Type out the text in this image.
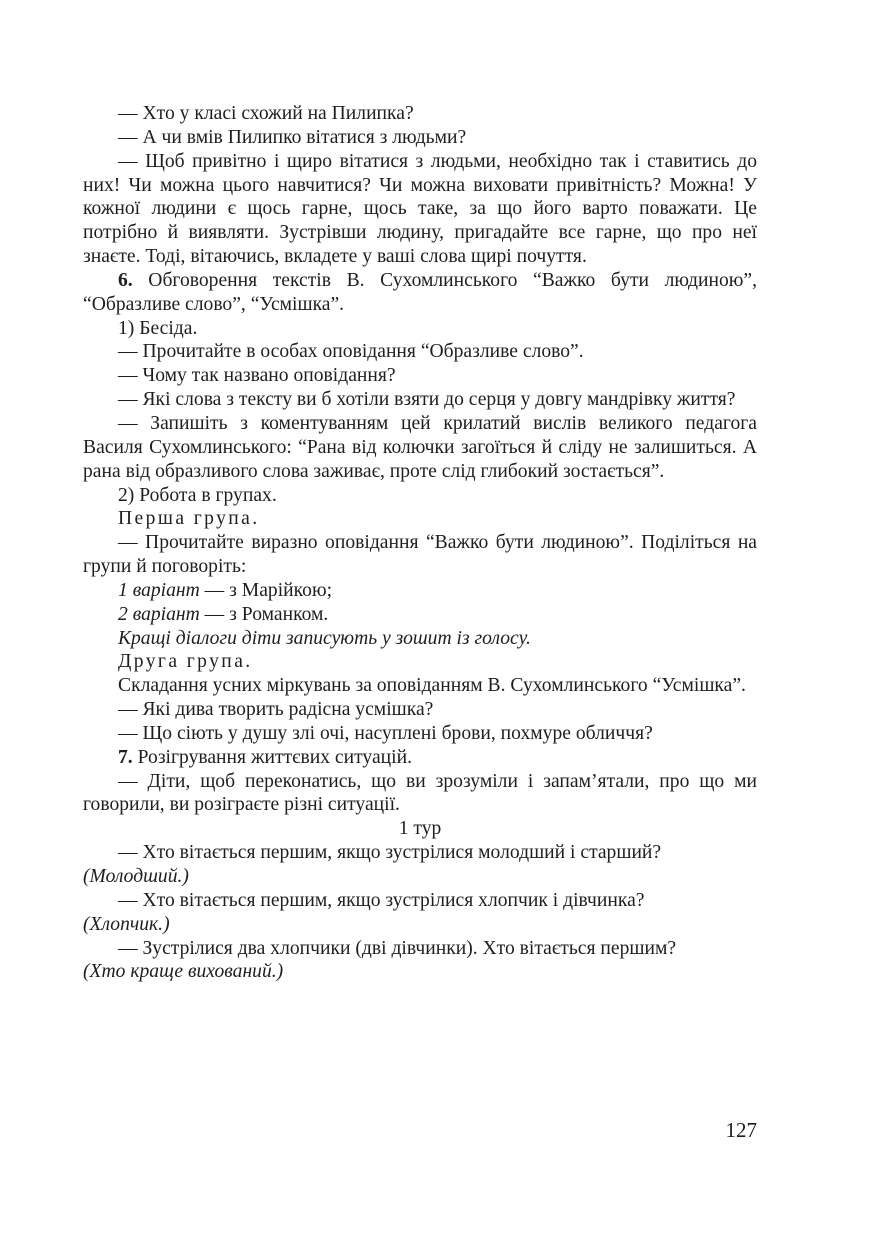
— Хто у класі схожий на Пилипка?

— А чи вмів Пилипко вітатися з людьми?

— Щоб привітно і щиро вітатися з людьми, необхідно так і ставитись до них! Чи можна цього навчитися? Чи можна виховати привітність? Можна! У кожної людини є щось гарне, щось таке, за що його варто поважати. Це потрібно й виявляти. Зустрівши людину, пригадайте все гарне, що про неї знаєте. Тоді, вітаючись, вкладете у ваші слова щирі почуття.

6. Обговорення текстів В. Сухомлинського “Важко бути людиною”, “Образливе слово”, “Усмішка”.

1) Бесіда.

— Прочитайте в особах оповідання “Образливе слово”.

— Чому так названо оповідання?

— Які слова з тексту ви б хотіли взяти до серця у довгу мандрівку життя?

— Запишіть з коментуванням цей крилатий вислів великого педагога Василя Сухомлинського: “Рана від колючки загоїться й сліду не залишиться. А рана від образливого слова заживає, проте слід глибокий зостається”.

2) Робота в групах.

Перша група.

— Прочитайте виразно оповідання “Важко бути людиною”. Поділіться на групи й поговоріть:

1 варіант — з Марійкою;

2 варіант — з Романком.

Кращі діалоги діти записують у зошит із голосу.

Друга група.

Складання усних міркувань за оповіданням В. Сухомлинського “Усмішка”.

— Які дива творить радісна усмішка?

— Що сіють у душу злі очі, насуплені брови, похмуре обличчя?

7. Розігрування життєвих ситуацій.

— Діти, щоб переконатись, що ви зрозуміли і запам’ятали, про що ми говорили, ви розіграєте різні ситуації.

1 тур

— Хто вітається першим, якщо зустрілися молодший і старший?

(Молодший.)

— Хто вітається першим, якщо зустрілися хлопчик і дівчинка?

(Хлопчик.)

— Зустрілися два хлопчики (дві дівчинки). Хто вітається першим?

(Хто краще вихований.)

127
